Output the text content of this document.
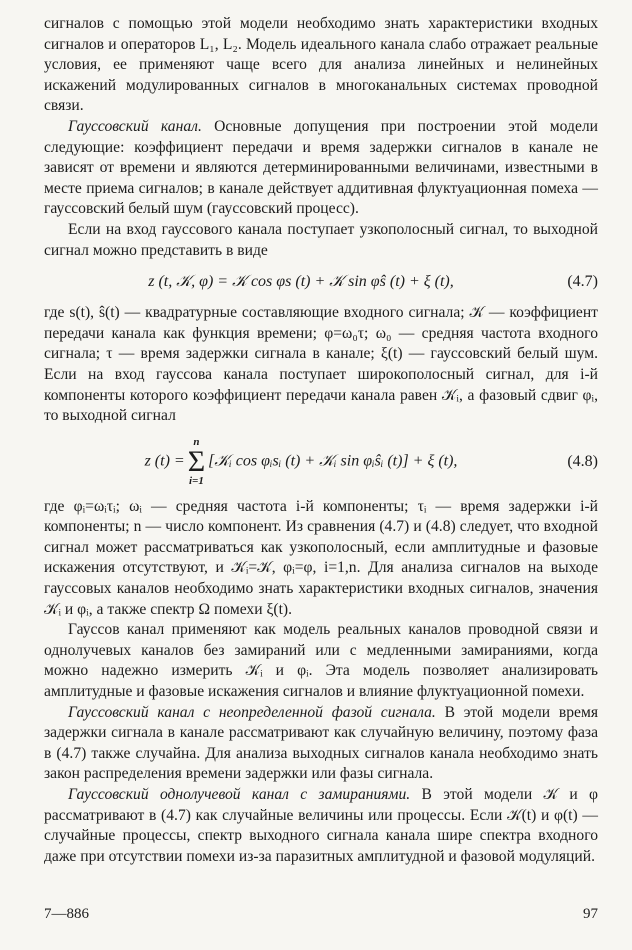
сигналов с помощью этой модели необходимо знать характеристики входных сигналов и операторов L₁, L₂. Модель идеального канала слабо отражает реальные условия, ее применяют чаще всего для анализа линейных и нелинейных искажений модулированных сигналов в многоканальных системах проводной связи.

Гауссовский канал. Основные допущения при построении этой модели следующие: коэффициент передачи и время задержки сигналов в канале не зависят от времени и являются детерминированными величинами, известными в месте приема сигналов; в канале действует аддитивная флуктуационная помеха — гауссовский белый шум (гауссовский процесс).

Если на вход гауссового канала поступает узкополосный сигнал, то выходной сигнал можно представить в виде

z (t, 𝒦, φ) = 𝒦 cos φs (t) + 𝒦 sin φŝ (t) + ξ (t),	(4.7)

где s(t), ŝ(t) — квадратурные составляющие входного сигнала; 𝒦 — коэффициент передачи канала как функция времени; φ=ω₀τ; ω₀ — средняя частота входного сигнала; τ — время задержки сигнала в канале; ξ(t) — гауссовский белый шум. Если на вход гауссова канала поступает широкополосный сигнал, для i-й компоненты которого коэффициент передачи канала равен 𝒦ᵢ, а фазовый сдвиг φᵢ, то выходной сигнал

z (t) =
n
Σ
i=1
[𝒦ᵢ cos φᵢsᵢ (t) + 𝒦ᵢ sin φᵢŝᵢ (t)] + ξ (t),	(4.8)

где φᵢ=ωᵢτᵢ; ωᵢ — средняя частота i-й компоненты; τᵢ — время задержки i-й компоненты; n — число компонент. Из сравнения (4.7) и (4.8) следует, что входной сигнал может рассматриваться как узкополосный, если амплитудные и фазовые искажения отсутствуют, и 𝒦ᵢ=𝒦, φᵢ=φ, i=1,n. Для анализа сигналов на выходе гауссовых каналов необходимо знать характеристики входных сигналов, значения 𝒦ᵢ и φᵢ, а также спектр Ω помехи ξ(t).

Гауссов канал применяют как модель реальных каналов проводной связи и однолучевых каналов без замираний или с медленными замираниями, когда можно надежно измерить 𝒦ᵢ и φᵢ. Эта модель позволяет анализировать амплитудные и фазовые искажения сигналов и влияние флуктуационной помехи.

Гауссовский канал с неопределенной фазой сигнала. В этой модели время задержки сигнала в канале рассматривают как случайную величину, поэтому фаза в (4.7) также случайна. Для анализа выходных сигналов канала необходимо знать закон распределения времени задержки или фазы сигнала.

Гауссовский однолучевой канал с замираниями. В этой модели 𝒦 и φ рассматривают в (4.7) как случайные величины или процессы. Если 𝒦(t) и φ(t) — случайные процессы, спектр выходного сигнала канала шире спектра входного даже при отсутствии помехи из-за паразитных амплитудной и фазовой модуляций.

7—886	97
